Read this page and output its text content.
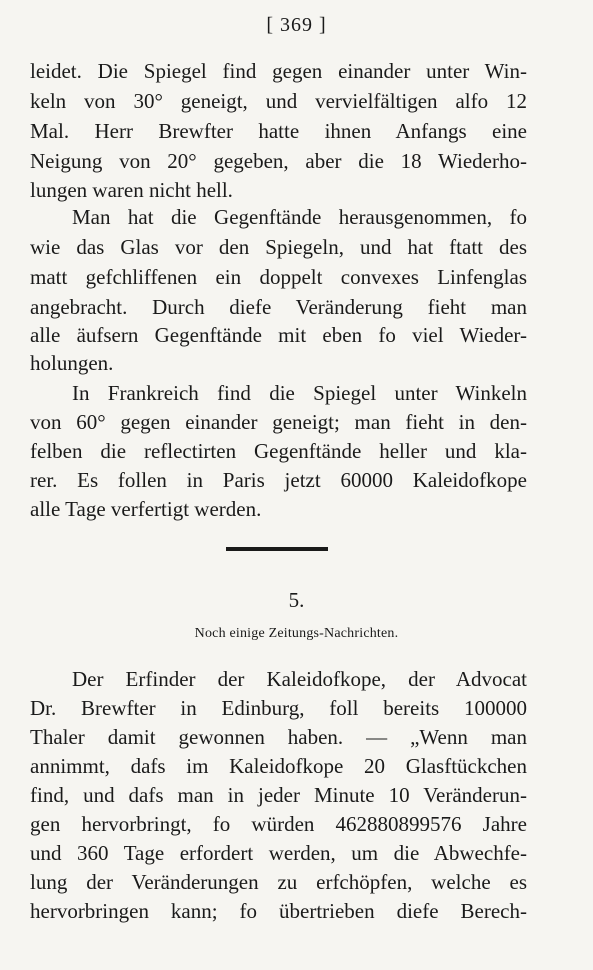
[ 369 ]
leidet. Die Spiegel find gegen einander unter Win-
keln von 30° geneigt, und vervielfältigen alfo 12
Mal. Herr Brewfter hatte ihnen Anfangs eine
Neigung von 20° gegeben, aber die 18 Wiederho-
lungen waren nicht hell.
Man hat die Gegenftände herausgenommen, fo
wie das Glas vor den Spiegeln, und hat ftatt des
matt gefchliffenen ein doppelt convexes Linfenglas
angebracht. Durch diefe Veränderung fieht man
alle äufsern Gegenftände mit eben fo viel Wieder-
holungen.
In Frankreich find die Spiegel unter Winkeln
von 60° gegen einander geneigt; man fieht in den-
felben die reflectirten Gegenftände heller und kla-
rer. Es follen in Paris jetzt 60000 Kaleidofkope
alle Tage verfertigt werden.
5.
Noch einige Zeitungs-Nachrichten.
Der Erfinder der Kaleidofkope, der Advocat
Dr. Brewfter in Edinburg, foll bereits 100000
Thaler damit gewonnen haben. — „Wenn man
annimmt, dafs im Kaleidofkope 20 Glasftückchen
find, und dafs man in jeder Minute 10 Veränderun-
gen hervorbringt, fo würden 462880899576 Jahre
und 360 Tage erfordert werden, um die Abwechfe-
lung der Veränderungen zu erfchöpfen, welche es
hervorbringen kann; fo übertrieben diefe Berech-
